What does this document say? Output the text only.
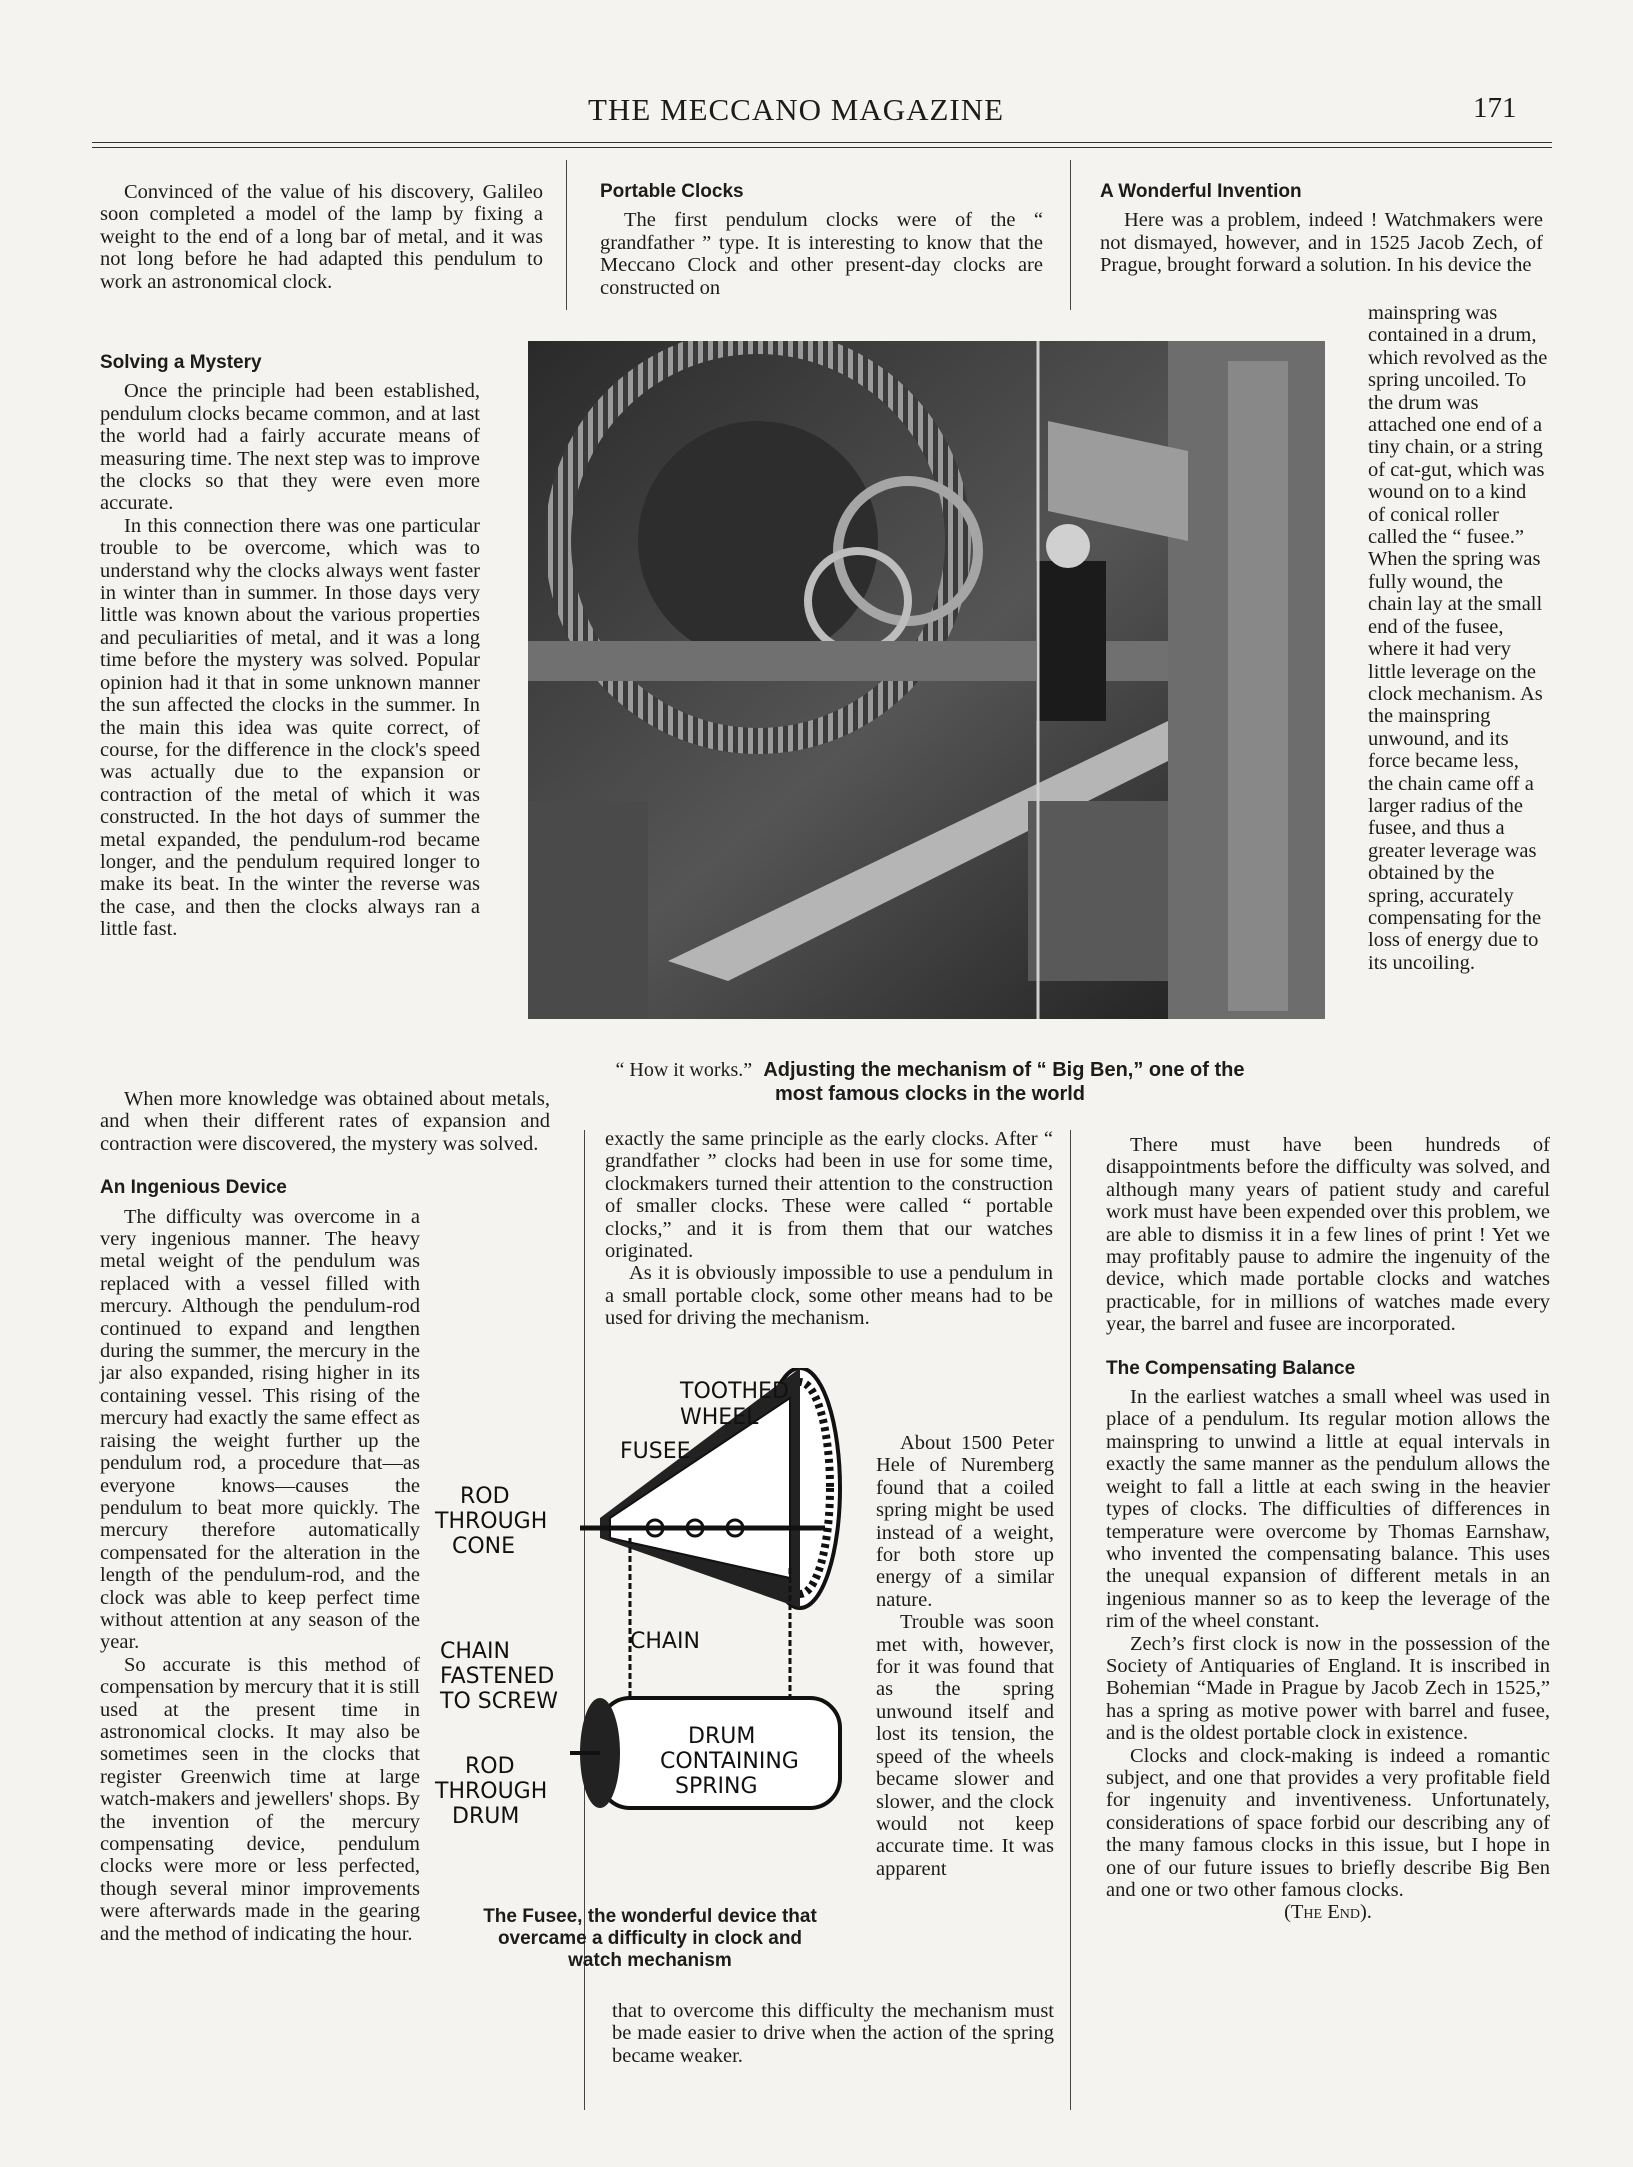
THE MECCANO MAGAZINE	171

Convinced of the value of his discovery, Galileo soon completed a model of the lamp by fixing a weight to the end of a long bar of metal, and it was not long before he had adapted this pendulum to work an astronomical clock.

Solving a Mystery

Once the principle had been established, pendulum clocks became common, and at last the world had a fairly accurate means of measuring time. The next step was to improve the clocks so that they were even more accurate.

In this connection there was one particular trouble to be overcome, which was to understand why the clocks always went faster in winter than in summer. In those days very little was known about the various properties and peculiarities of metal, and it was a long time before the mystery was solved. Popular opinion had it that in some unknown manner the sun affected the clocks in the summer. In the main this idea was quite correct, of course, for the difference in the clock's speed was actually due to the expansion or contraction of the metal of which it was constructed. In the hot days of summer the metal expanded, the pendulum-rod became longer, and the pendulum required longer to make its beat. In the winter the reverse was the case, and then the clocks always ran a little fast.

When more knowledge was obtained about metals, and when their different rates of expansion and contraction were discovered, the mystery was solved.

An Ingenious Device

The difficulty was overcome in a very ingenious manner. The heavy metal weight of the pendulum was replaced with a vessel filled with mercury. Although the pendulum-rod continued to expand and lengthen during the summer, the mercury in the jar also expanded, rising higher in its containing vessel. This rising of the mercury had exactly the same effect as raising the weight further up the pendulum rod, a procedure that—as everyone knows—causes the pendulum to beat more quickly. The mercury therefore automatically compensated for the alteration in the length of the pendulum-rod, and the clock was able to keep perfect time without attention at any season of the year.

So accurate is this method of compensation by mercury that it is still used at the present time in astronomical clocks. It may also be sometimes seen in the clocks that register Greenwich time at large watch-makers and jewellers' shops. By the invention of the mercury compensating device, pendulum clocks were more or less perfected, though several minor improvements were afterwards made in the gearing and the method of indicating the hour.

Portable Clocks

The first pendulum clocks were of the “ grandfather ” type. It is interesting to know that the Meccano Clock and other present-day clocks are constructed on

exactly the same principle as the early clocks. After “ grandfather ” clocks had been in use for some time, clockmakers turned their attention to the construction of smaller clocks. These were called “ portable clocks,” and it is from them that our watches originated.

As it is obviously impossible to use a pendulum in a small portable clock, some other means had to be used for driving the mechanism.

About 1500 Peter Hele of Nuremberg found that a coiled spring might be used instead of a weight, for both store up energy of a similar nature.

Trouble was soon met with, however, for it was found that as the spring unwound itself and lost its tension, the speed of the wheels became slower and slower, and the clock would not keep accurate time. It was apparent

that to overcome this difficulty the mechanism must be made easier to drive when the action of the spring became weaker.

A Wonderful Invention

Here was a problem, indeed ! Watchmakers were not dismayed, however, and in 1525 Jacob Zech, of Prague, brought forward a solution. In his device the

mainspring was contained in a drum, which revolved as the spring uncoiled. To the drum was attached one end of a tiny chain, or a string of cat-gut, which was wound on to a kind of conical roller called the “ fusee.” When the spring was fully wound, the chain lay at the small end of the fusee, where it had very little leverage on the clock mechanism. As the mainspring unwound, and its force became less, the chain came off a larger radius of the fusee, and thus a greater leverage was obtained by the spring, accurately compensating for the loss of energy due to its uncoiling.

There must have been hundreds of disappointments before the difficulty was solved, and although many years of patient study and careful work must have been expended over this problem, we are able to dismiss it in a few lines of print ! Yet we may profitably pause to admire the ingenuity of the device, which made portable clocks and watches practicable, for in millions of watches made every year, the barrel and fusee are incorporated.

The Compensating Balance

In the earliest watches a small wheel was used in place of a pendulum. Its regular motion allows the mainspring to unwind a little at equal intervals in exactly the same manner as the pendulum allows the weight to fall a little at each swing in the heavier types of clocks. The difficulties of differences in temperature were overcome by Thomas Earnshaw, who invented the compensating balance. This uses the unequal expansion of different metals in an ingenious manner so as to keep the leverage of the rim of the wheel constant.

Zech’s first clock is now in the possession of the Society of Antiquaries of England. It is inscribed in Bohemian “Made in Prague by Jacob Zech in 1525,” has a spring as motive power with barrel and fusee, and is the oldest portable clock in existence.

Clocks and clock-making is indeed a romantic subject, and one that provides a very profitable field for ingenuity and inventiveness. Unfortunately, considerations of space forbid our describing any of the many famous clocks in this issue, but I hope in one of our future issues to briefly describe Big Ben and one or two other famous clocks.

(The End).

“ How it works.” Adjusting the mechanism of “ Big Ben,” one of the
most famous clocks in the world
TOOTHED
WHEEL
FUSEE
ROD
THROUGH
CONE
CHAIN
CHAIN
FASTENED
TO SCREW
DRUM
CONTAINING
SPRING
ROD
THROUGH
DRUM
The Fusee, the wonderful device that
overcame a difficulty in clock and
watch mechanism
